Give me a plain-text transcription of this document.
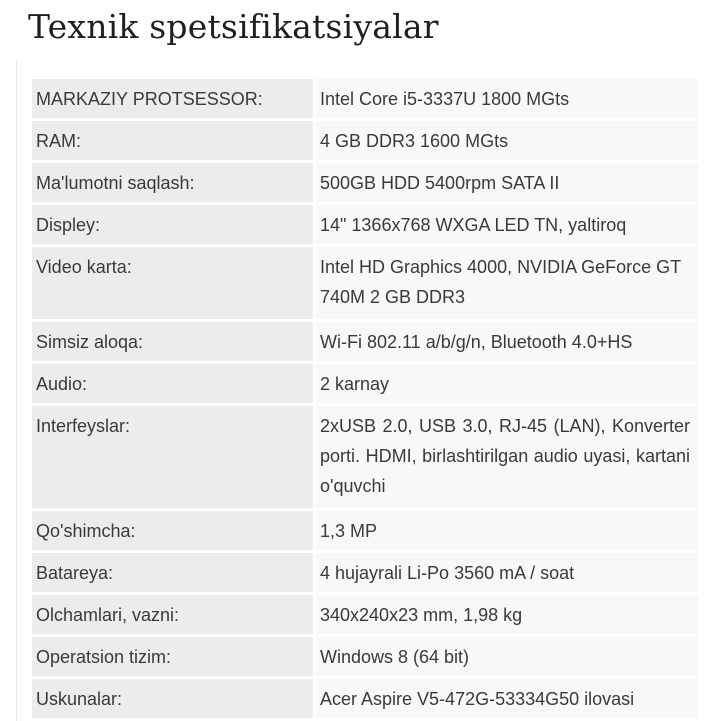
Texnik spetsifikatsiyalar
MARKAZIY PROTSESSOR:	Intel Core i5-3337U 1800 MGts
RAM:	4 GB DDR3 1600 MGts
Ma'lumotni saqlash:	500GB HDD 5400rpm SATA II
Displey:	14" 1366x768 WXGA LED TN, yaltiroq
Video karta:	Intel HD Graphics 4000, NVIDIA GeForce GT 740M 2 GB DDR3
Simsiz aloqa:	Wi-Fi 802.11 a/b/g/n, Bluetooth 4.0+HS
Audio:	2 karnay
Interfeyslar:	2xUSB 2.0, USB 3.0, RJ-45 (LAN), Konverter porti. HDMI, birlashtirilgan audio uyasi, kartani o'quvchi
Qo'shimcha:	1,3 MP
Batareya:	4 hujayrali Li-Po 3560 mA / soat
Olchamlari, vazni:	340x240x23 mm, 1,98 kg
Operatsion tizim:	Windows 8 (64 bit)
Uskunalar:	Acer Aspire V5-472G-53334G50 ilovasi
